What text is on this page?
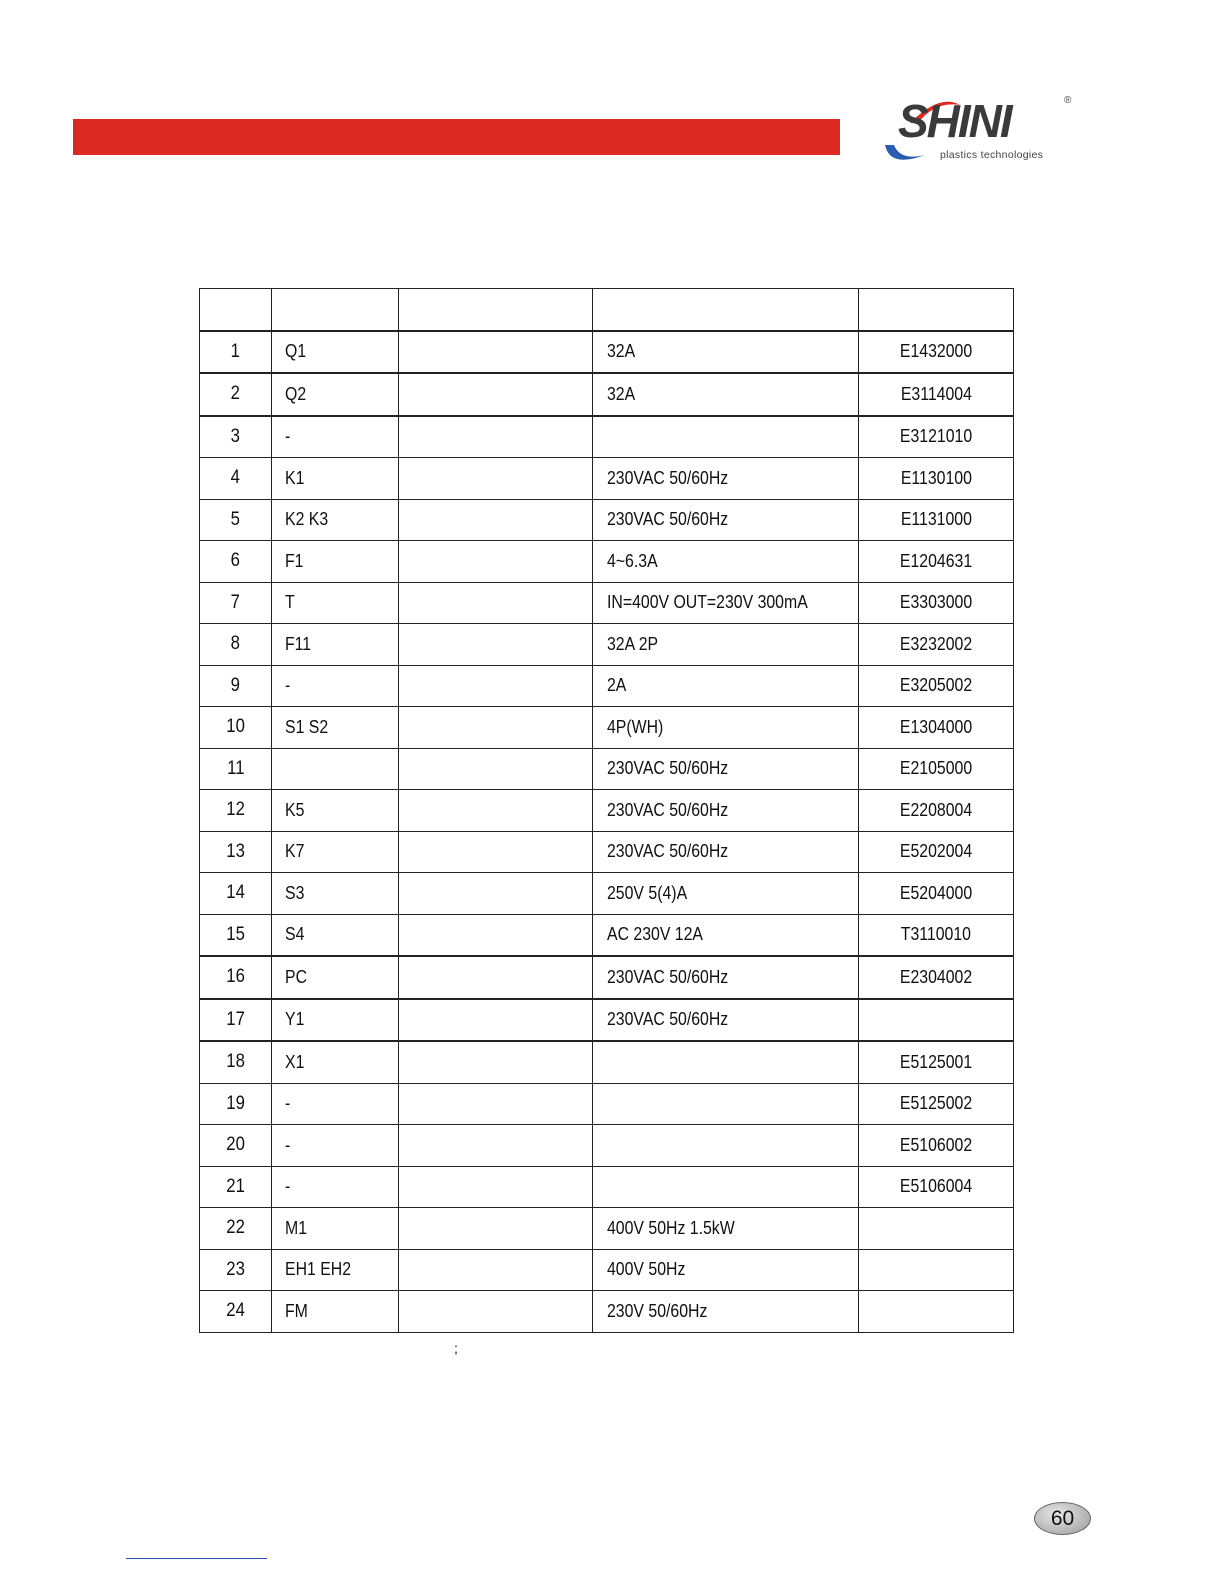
SHINI
plastics technologies
®

1	Q1		32A	E1432000
2	Q2		32A	E3114004
3	-			E3121010
4	K1		230VAC 50/60Hz	E1130100
5	K2 K3		230VAC 50/60Hz	E1131000
6	F1		4~6.3A	E1204631
7	T		IN=400V OUT=230V 300mA	E3303000
8	F11		32A 2P	E3232002
9	-		2A	E3205002
10	S1 S2		4P(WH)	E1304000
11			230VAC 50/60Hz	E2105000
12	K5		230VAC 50/60Hz	E2208004
13	K7		230VAC 50/60Hz	E5202004
14	S3		250V 5(4)A	E5204000
15	S4		AC 230V 12A	T3110010
16	PC		230VAC 50/60Hz	E2304002
17	Y1		230VAC 50/60Hz	
18	X1			E5125001
19	-			E5125002
20	-			E5106002
21	-			E5106004
22	M1		400V 50Hz 1.5kW	
23	EH1 EH2		400V 50Hz	
24	FM		230V 50/60Hz	
;
60
